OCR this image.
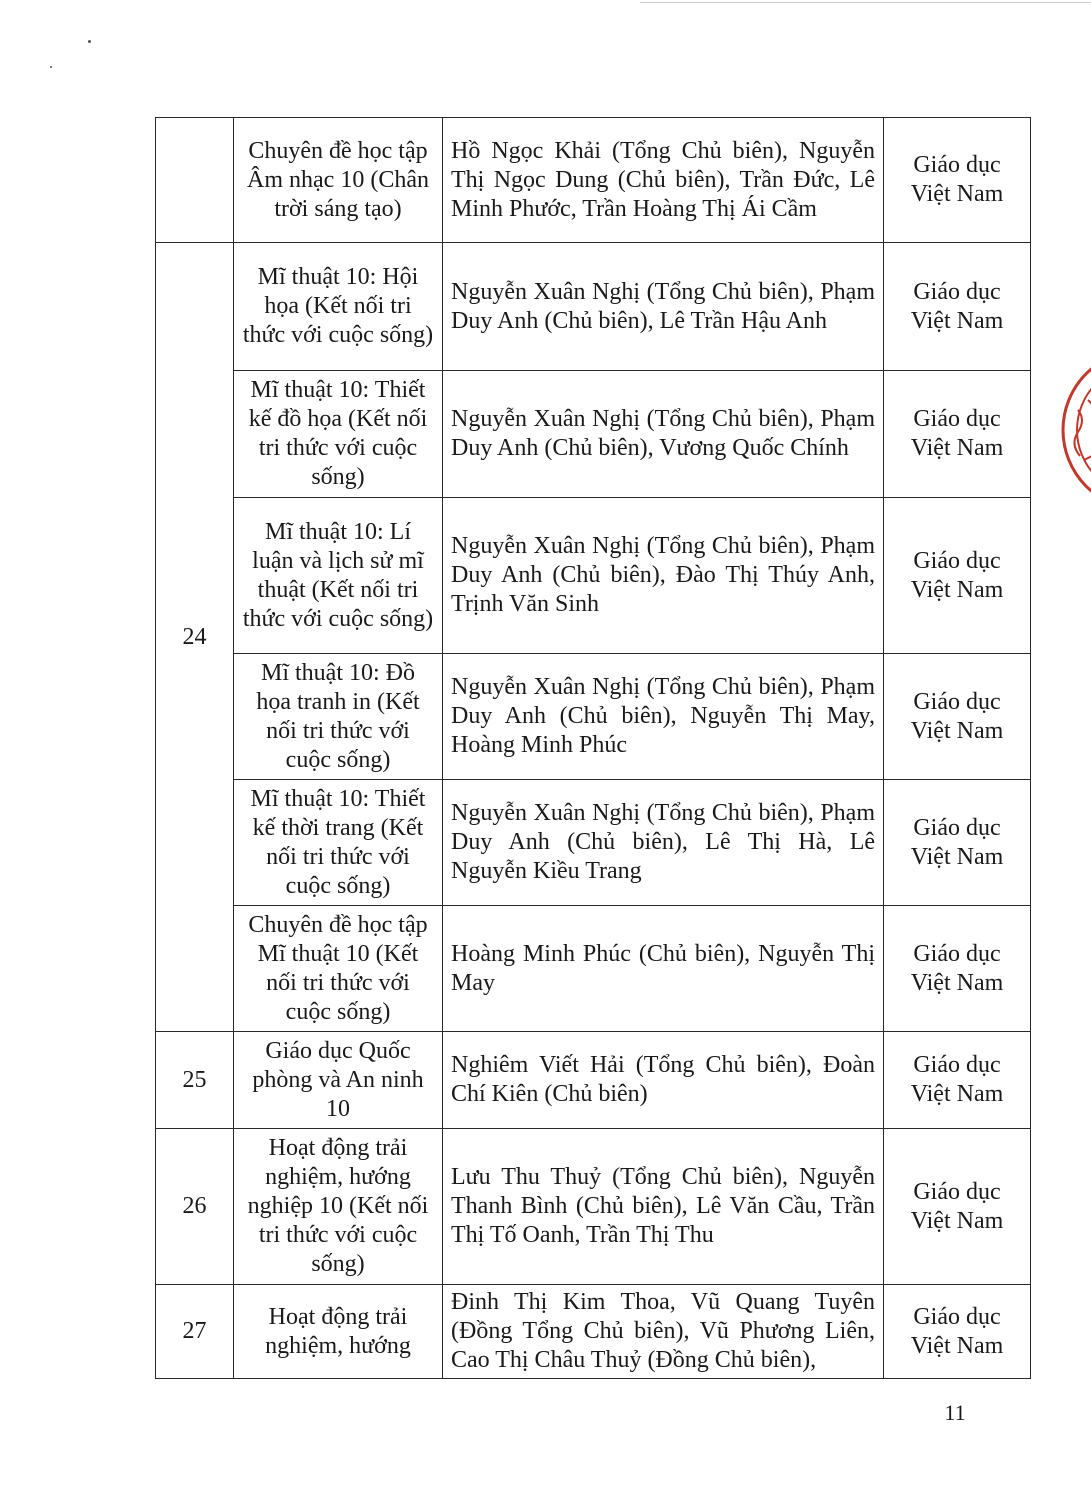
	Chuyên đề học tập Âm nhạc 10 (Chân trời sáng tạo)	Hồ Ngọc Khải (Tổng Chủ biên), Nguyễn Thị Ngọc Dung (Chủ biên), Trần Đức, Lê Minh Phước, Trần Hoàng Thị Ái Cầm	Giáo dục Việt Nam
24	Mĩ thuật 10: Hội họa (Kết nối tri thức với cuộc sống)	Nguyễn Xuân Nghị (Tổng Chủ biên), Phạm Duy Anh (Chủ biên), Lê Trần Hậu Anh	Giáo dục Việt Nam
	Mĩ thuật 10: Thiết kế đồ họa (Kết nối tri thức với cuộc sống)	Nguyễn Xuân Nghị (Tổng Chủ biên), Phạm Duy Anh (Chủ biên), Vương Quốc Chính	Giáo dục Việt Nam
	Mĩ thuật 10: Lí luận và lịch sử mĩ thuật (Kết nối tri thức với cuộc sống)	Nguyễn Xuân Nghị (Tổng Chủ biên), Phạm Duy Anh (Chủ biên), Đào Thị Thúy Anh, Trịnh Văn Sinh	Giáo dục Việt Nam
	Mĩ thuật 10: Đồ họa tranh in (Kết nối tri thức với cuộc sống)	Nguyễn Xuân Nghị (Tổng Chủ biên), Phạm Duy Anh (Chủ biên), Nguyễn Thị May, Hoàng Minh Phúc	Giáo dục Việt Nam
	Mĩ thuật 10: Thiết kế thời trang (Kết nối tri thức với cuộc sống)	Nguyễn Xuân Nghị (Tổng Chủ biên), Phạm Duy Anh (Chủ biên), Lê Thị Hà, Lê Nguyễn Kiều Trang	Giáo dục Việt Nam
	Chuyên đề học tập Mĩ thuật 10 (Kết nối tri thức với cuộc sống)	Hoàng Minh Phúc (Chủ biên), Nguyễn Thị May	Giáo dục Việt Nam
25	Giáo dục Quốc phòng và An ninh 10	Nghiêm Viết Hải (Tổng Chủ biên), Đoàn Chí Kiên (Chủ biên)	Giáo dục Việt Nam
26	Hoạt động trải nghiệm, hướng nghiệp 10 (Kết nối tri thức với cuộc sống)	Lưu Thu Thuỷ (Tổng Chủ biên), Nguyễn Thanh Bình (Chủ biên), Lê Văn Cầu, Trần Thị Tố Oanh, Trần Thị Thu	Giáo dục Việt Nam
27	Hoạt động trải nghiệm, hướng	Đinh Thị Kim Thoa, Vũ Quang Tuyên (Đồng Tổng Chủ biên), Vũ Phương Liên, Cao Thị Châu Thuỷ (Đồng Chủ biên),	Giáo dục Việt Nam
11
